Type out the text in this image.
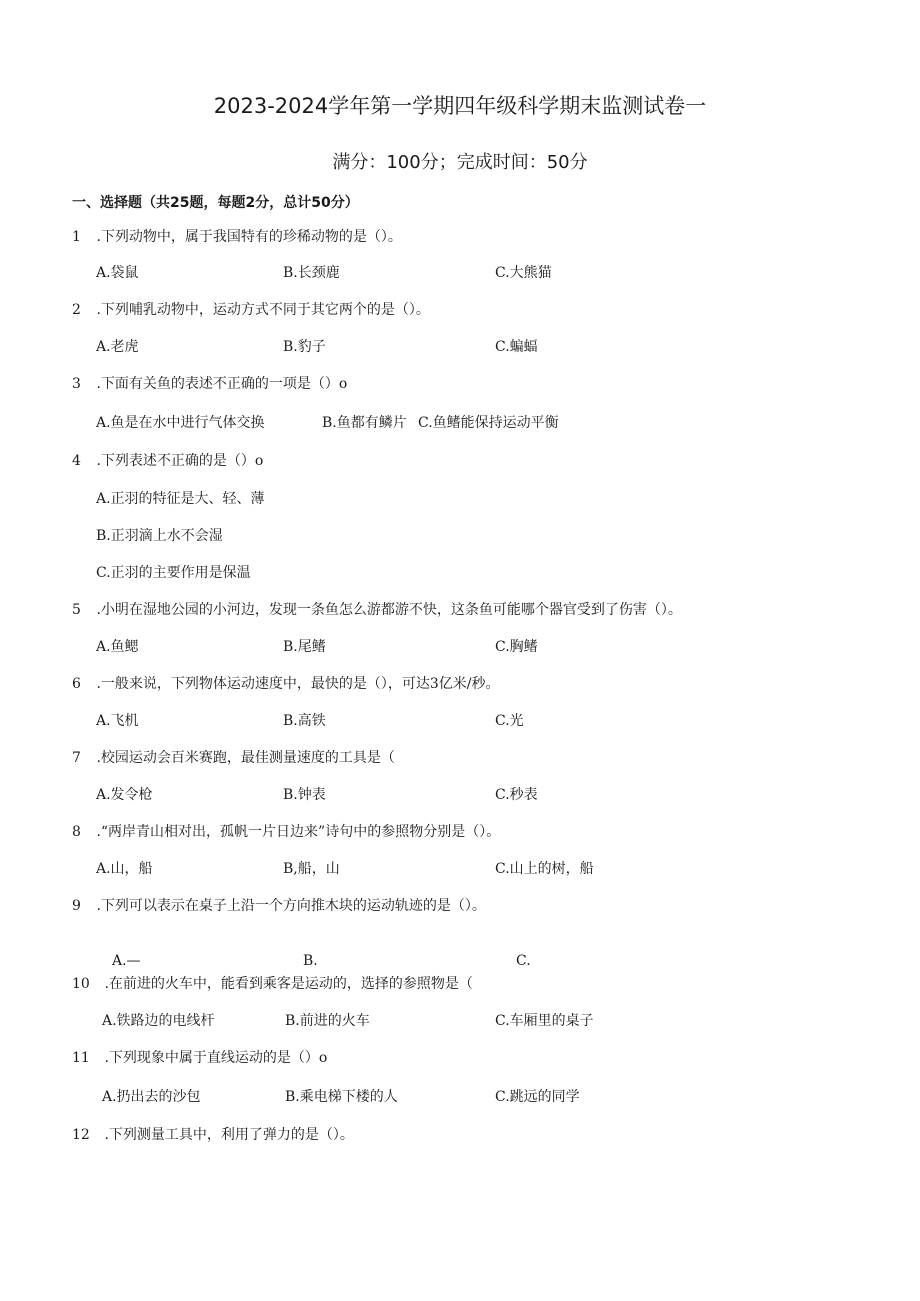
2023-2024学年第一学期四年级科学期末监测试卷一
满分：100分；完成时间：50分
一、选择题（共25题，每题2分，总计50分）
1 .下列动物中，属于我国特有的珍稀动物的是（）。
A.袋鼠	B.长颈鹿	C.大熊猫
2 .下列哺乳动物中，运动方式不同于其它两个的是（）。
A.老虎	B.豹子	C.蝙蝠
3 .下面有关鱼的表述不正确的一项是（）o
A.鱼是在水中进行气体交换	B.鱼都有鳞片 C.鱼鳍能保持运动平衡
4 .下列表述不正确的是（）o
A.正羽的特征是大、轻、薄
B.正羽滴上水不会湿
C.正羽的主要作用是保温
5 .小明在湿地公园的小河边，发现一条鱼怎么游都游不快，这条鱼可能哪个器官受到了伤害（）。
A.鱼鳃	B.尾鳍	C.胸鳍
6 .一般来说，下列物体运动速度中，最快的是（），可达3亿米/秒。
A.飞机	B.高铁	C.光
7 .校园运动会百米赛跑，最佳测量速度的工具是（
A.发令枪	B.钟表	C.秒表
8 .“两岸青山相对出，孤帆一片日边来”诗句中的参照物分别是（）。
A.山，船	B,船，山	C.山上的树，船
9 .下列可以表示在桌子上沿一个方向推木块的运动轨迹的是（）。
A.—	B.	C.
10 .在前进的火车中，能看到乘客是运动的，选择的参照物是（
A.铁路边的电线杆	B.前进的火车	C.车厢里的桌子
11 .下列现象中属于直线运动的是（）o
A.扔出去的沙包	B.乘电梯下楼的人	C.跳远的同学
12 .下列测量工具中，利用了弹力的是（）。
